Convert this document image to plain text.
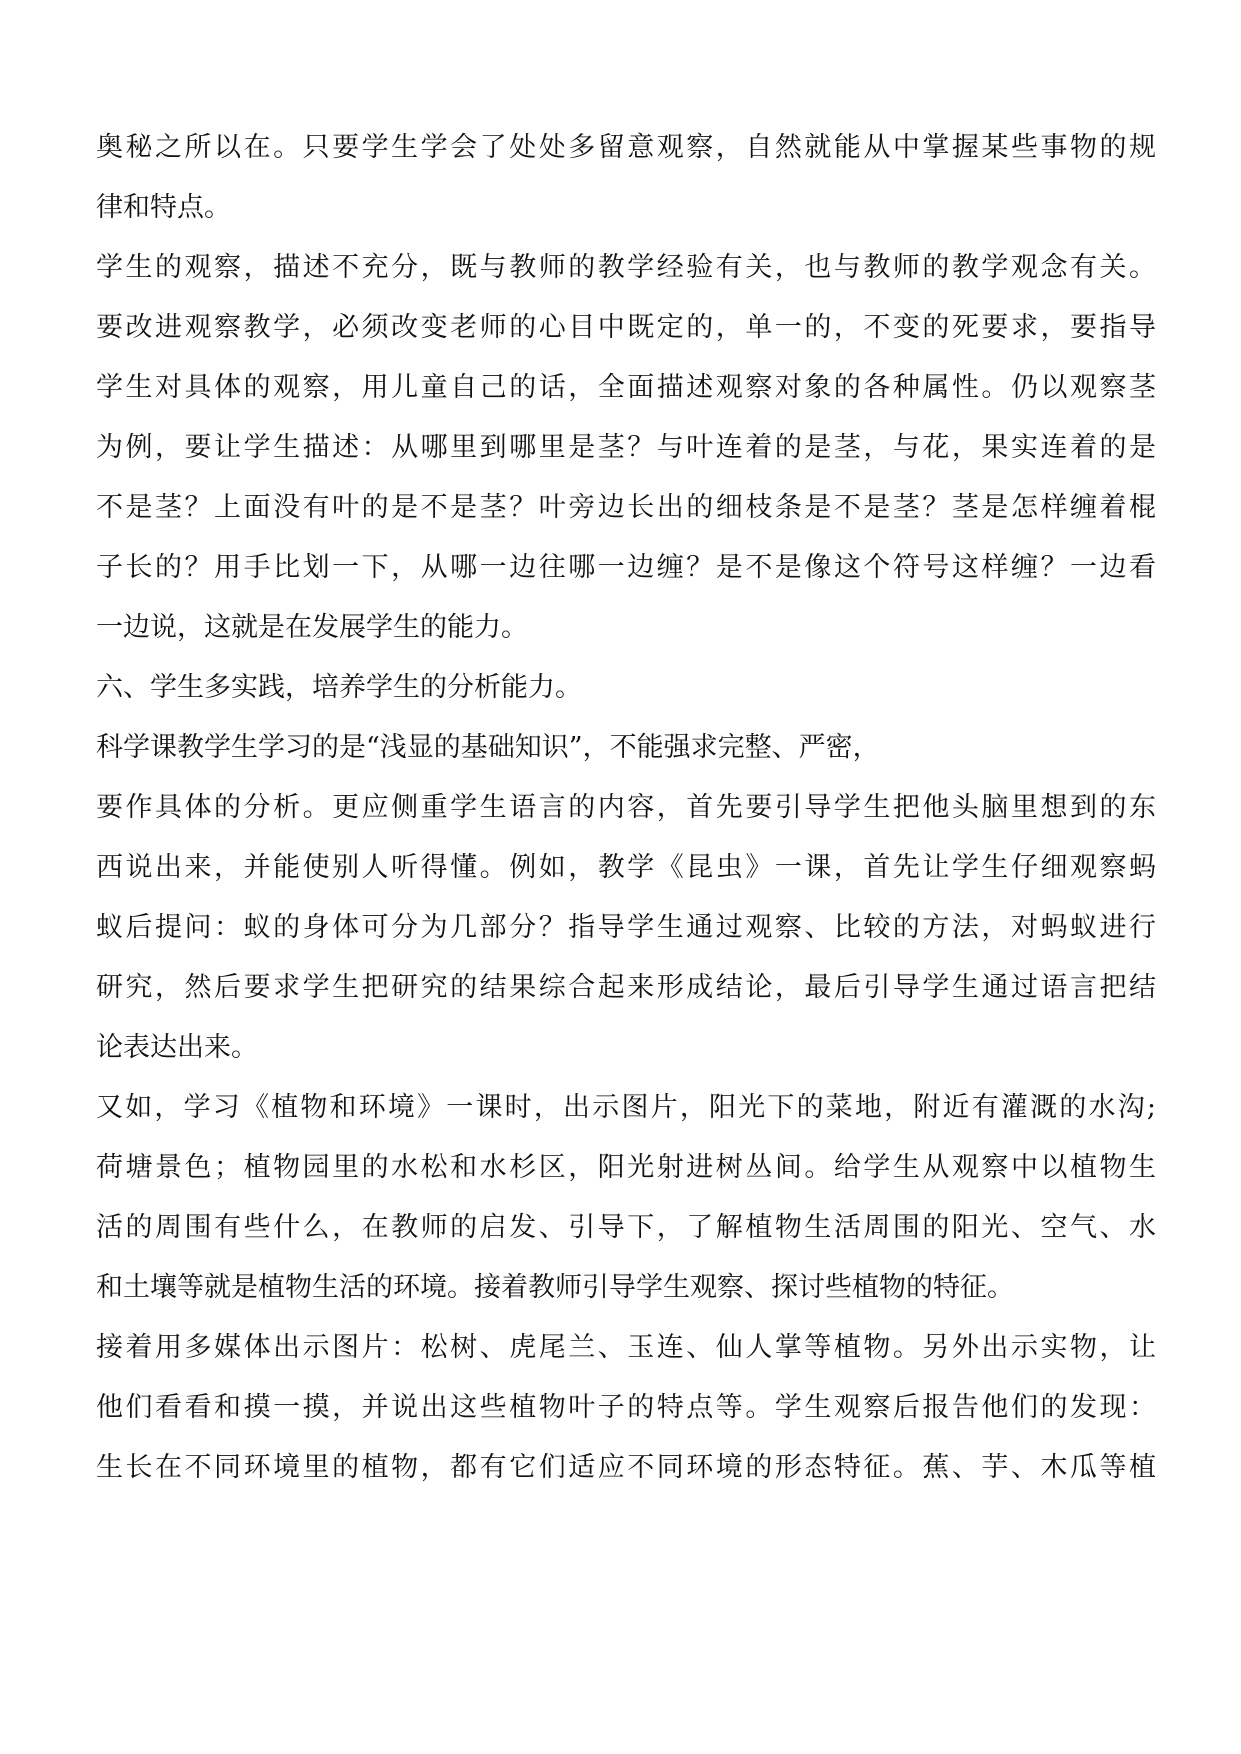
奥秘之所以在。只要学生学会了处处多留意观察，自然就能从中掌握某些事物的规
律和特点。
学生的观察，描述不充分，既与教师的教学经验有关，也与教师的教学观念有关。
要改进观察教学，必须改变老师的心目中既定的，单一的，不变的死要求，要指导
学生对具体的观察，用儿童自己的话，全面描述观察对象的各种属性。仍以观察茎
为例，要让学生描述：从哪里到哪里是茎？与叶连着的是茎，与花，果实连着的是
不是茎？上面没有叶的是不是茎？叶旁边长出的细枝条是不是茎？茎是怎样缠着棍
子长的？用手比划一下，从哪一边往哪一边缠？是不是像这个符号这样缠？一边看
一边说，这就是在发展学生的能力。
六、学生多实践，培养学生的分析能力。
科学课教学生学习的是“浅显的基础知识”，不能强求完整、严密，
要作具体的分析。更应侧重学生语言的内容，首先要引导学生把他头脑里想到的东
西说出来，并能使别人听得懂。例如，教学《昆虫》一课，首先让学生仔细观察蚂
蚁后提问：蚁的身体可分为几部分？指导学生通过观察、比较的方法，对蚂蚁进行
研究，然后要求学生把研究的结果综合起来形成结论，最后引导学生通过语言把结
论表达出来。
又如，学习《植物和环境》一课时，出示图片，阳光下的菜地，附近有灌溉的水沟;
荷塘景色；植物园里的水松和水杉区，阳光射进树丛间。给学生从观察中以植物生
活的周围有些什么，在教师的启发、引导下，了解植物生活周围的阳光、空气、水
和土壤等就是植物生活的环境。接着教师引导学生观察、探讨些植物的特征。
接着用多媒体出示图片：松树、虎尾兰、玉连、仙人掌等植物。另外出示实物，让
他们看看和摸一摸，并说出这些植物叶子的特点等。学生观察后报告他们的发现：
生长在不同环境里的植物，都有它们适应不同环境的形态特征。蕉、芋、木瓜等植
